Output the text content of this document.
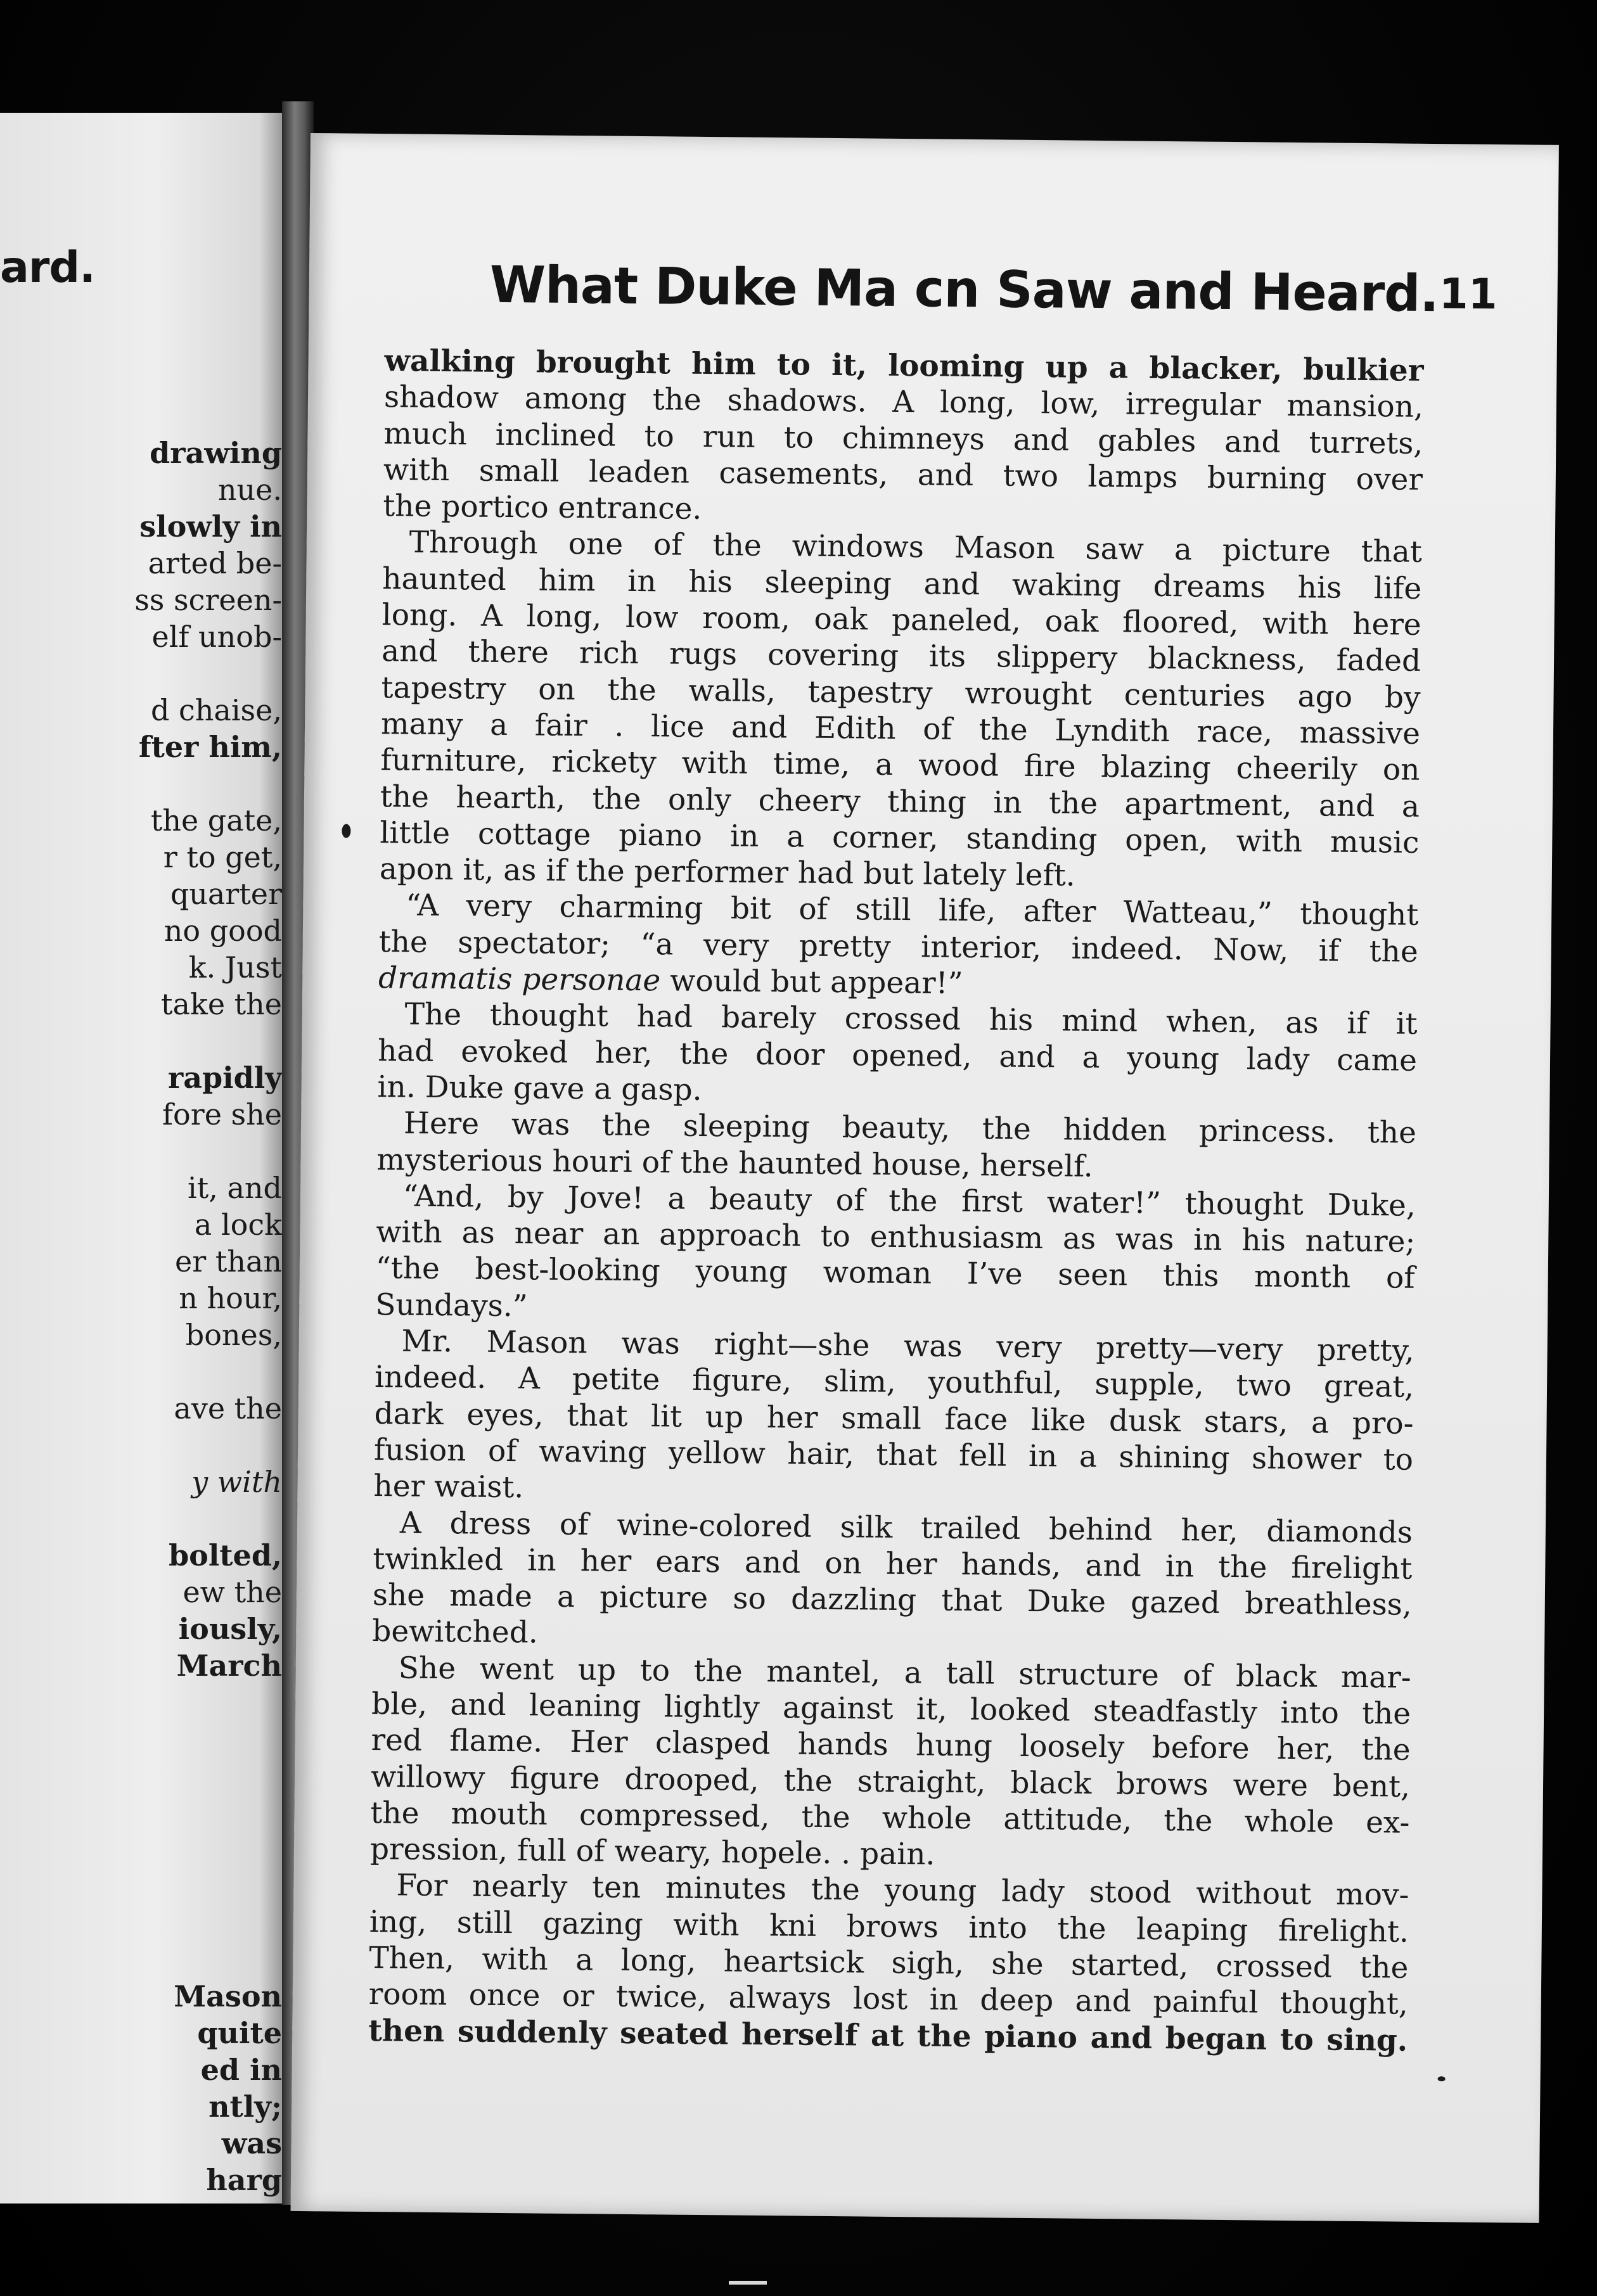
ard.
drawing
nue.
slowly in
arted be-
ss screen-
elf unob-
d chaise,
fter him,
the gate,
r to get,
quarter
no good
k. Just
take the
rapidly
fore she
it, and
a lock
er than
n hour,
bones,
ave the
y with
bolted,
ew the
iously,
March
Mason
quite
ed in
ntly;
was
harg
What Duke Ma cn Saw and Heard. 11
walking brought him to it, looming up a blacker, bulkier
shadow among the shadows. A long, low, irregular mansion,
much inclined to run to chimneys and gables and turrets,
with small leaden casements, and two lamps burning over
the portico entrance.
Through one of the windows Mason saw a picture that
haunted him in his sleeping and waking dreams his life
long. A long, low room, oak paneled, oak floored, with here
and there rich rugs covering its slippery blackness, faded
tapestry on the walls, tapestry wrought centuries ago by
many a fair . lice and Edith of the Lyndith race, massive
furniture, rickety with time, a wood fire blazing cheerily on
the hearth, the only cheery thing in the apartment, and a
little cottage piano in a corner, standing open, with music
apon it, as if the performer had but lately left.
“A very charming bit of still life, after Watteau,” thought
the spectator; “a very pretty interior, indeed. Now, if the
dramatis personae would but appear!”
The thought had barely crossed his mind when, as if it
had evoked her, the door opened, and a young lady came
in. Duke gave a gasp.
Here was the sleeping beauty, the hidden princess. the
mysterious houri of the haunted house, herself.
“And, by Jove! a beauty of the first water!” thought Duke,
with as near an approach to enthusiasm as was in his nature;
“the best-looking young woman I’ve seen this month of
Sundays.”
Mr. Mason was right—she was very pretty—very pretty,
indeed. A petite figure, slim, youthful, supple, two great,
dark eyes, that lit up her small face like dusk stars, a pro-
fusion of waving yellow hair, that fell in a shining shower to
her waist.
A dress of wine-colored silk trailed behind her, diamonds
twinkled in her ears and on her hands, and in the firelight
she made a picture so dazzling that Duke gazed breathless,
bewitched.
She went up to the mantel, a tall structure of black mar-
ble, and leaning lightly against it, looked steadfastly into the
red flame. Her clasped hands hung loosely before her, the
willowy figure drooped, the straight, black brows were bent,
the mouth compressed, the whole attitude, the whole ex-
pression, full of weary, hopele. . pain.
For nearly ten minutes the young lady stood without mov-
ing, still gazing with kni brows into the leaping firelight.
Then, with a long, heartsick sigh, she started, crossed the
room once or twice, always lost in deep and painful thought,
then suddenly seated herself at the piano and began to sing.
